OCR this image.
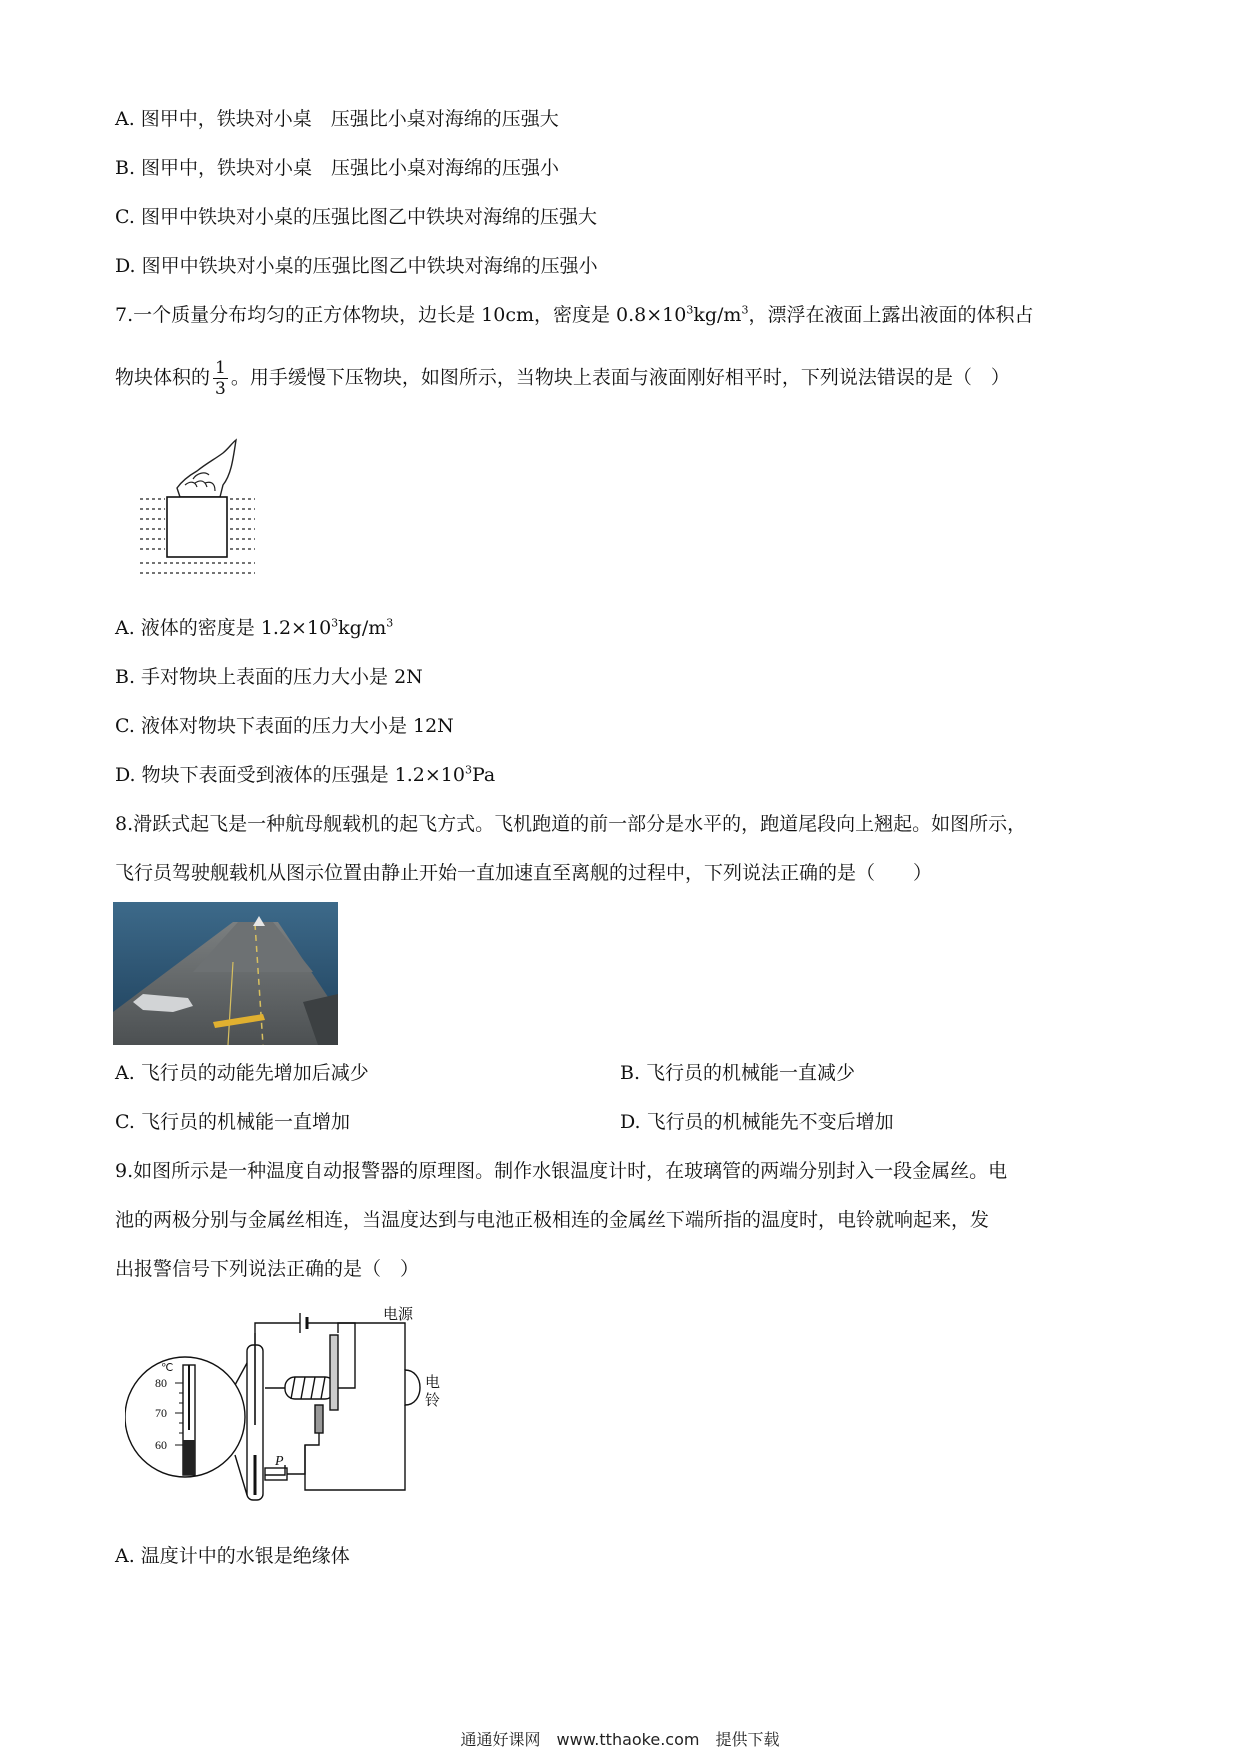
A. 图甲中，铁块对小桌　压强比小桌对海绵的压强大
B. 图甲中，铁块对小桌　压强比小桌对海绵的压强小
C. 图甲中铁块对小桌的压强比图乙中铁块对海绵的压强大
D. 图甲中铁块对小桌的压强比图乙中铁块对海绵的压强小
7.一个质量分布均匀的正方体物块，边长是 10cm，密度是 $0.8\times 10^3kg/m^3$，漂浮在液面上露出液面的体积占
物块体积的 $\frac{1}{3}$ 。用手缓慢下压物块，如图所示，当物块上表面与液面刚好相平时，下列说法错误的是（　）
A. 液体的密度是 $1.2\times 10^3kg/m^3$
B. 手对物块上表面的压力大小是 2N
C. 液体对物块下表面的压力大小是 12N
D. 物块下表面受到液体的压强是 $1.2\times 10^3Pa$
8.滑跃式起飞是一种航母舰载机的起飞方式。飞机跑道的前一部分是水平的，跑道尾段向上翘起。如图所示，
飞行员驾驶舰载机从图示位置由静止开始一直加速直至离舰的过程中，下列说法正确的是（　　）
A. 飞行员的动能先增加后减少	B. 飞行员的机械能一直减少
C. 飞行员的机械能一直增加	D. 飞行员的机械能先不变后增加
9.如图所示是一种温度自动报警器的原理图。制作水银温度计时，在玻璃管的两端分别封入一段金属丝。电
池的两极分别与金属丝相连，当温度达到与电池正极相连的金属丝下端所指的温度时，电铃就响起来，发
出报警信号下列说法正确的是（　）
电源
电
铃
P
℃
80
70
60
A. 温度计中的水银是绝缘体
通通好课网　www.tthaoke.com　提供下载
